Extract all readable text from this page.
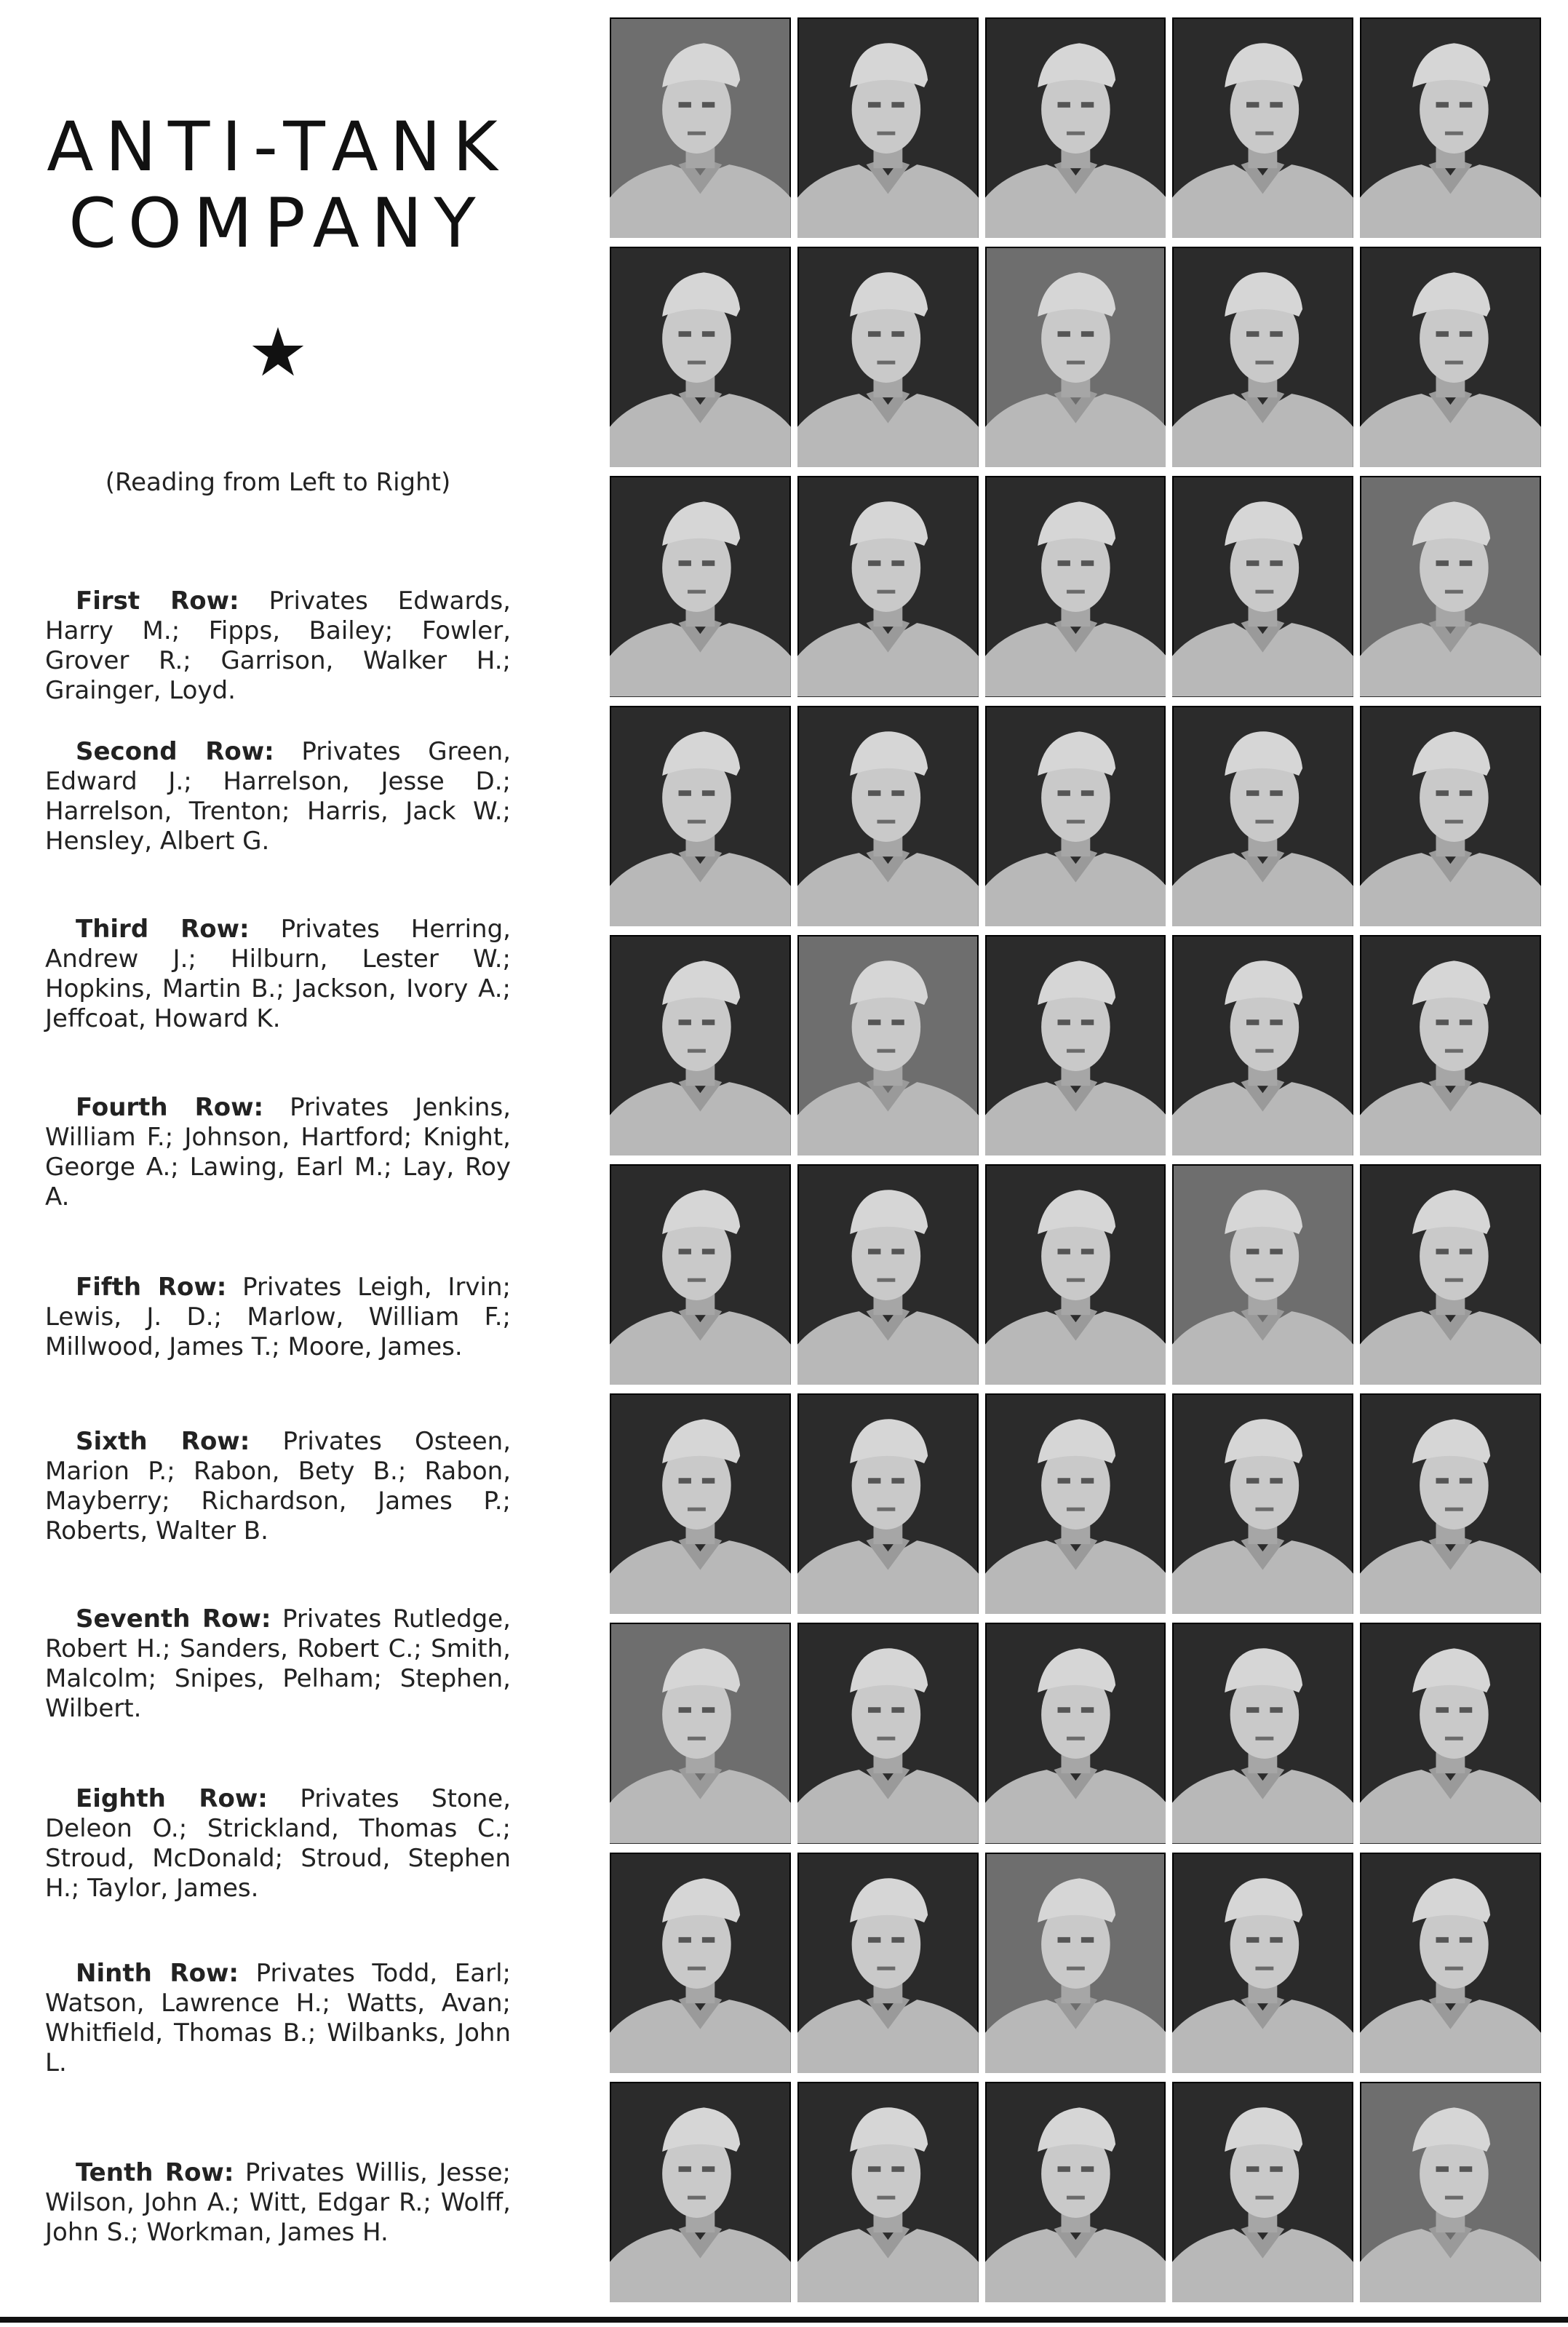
ANTI-TANK
COMPANY
★
(Reading from Left to Right)

First Row: Privates Edwards, Harry M.; Fipps, Bailey; Fowler, Grover R.; Garrison, Walker H.; Grainger, Loyd.

Second Row: Privates Green, Edward J.; Harrelson, Jesse D.; Harrelson, Trenton; Harris, Jack W.; Hensley, Albert G.

Third Row: Privates Herring, Andrew J.; Hilburn, Lester W.; Hopkins, Martin B.; Jackson, Ivory A.; Jeffcoat, Howard K.

Fourth Row: Privates Jenkins, William F.; Johnson, Hartford; Knight, George A.; Lawing, Earl M.; Lay, Roy A.

Fifth Row: Privates Leigh, Irvin; Lewis, J. D.; Marlow, William F.; Millwood, James T.; Moore, James.

Sixth Row: Privates Osteen, Marion P.; Rabon, Bety B.; Rabon, Mayberry; Richardson, James P.; Roberts, Walter B.

Seventh Row: Privates Rutledge, Robert H.; Sanders, Robert C.; Smith, Malcolm; Snipes, Pelham; Stephen, Wilbert.

Eighth Row: Privates Stone, Deleon O.; Strickland, Thomas C.; Stroud, McDonald; Stroud, Stephen H.; Taylor, James.

Ninth Row: Privates Todd, Earl; Watson, Lawrence H.; Watts, Avan; Whitfield, Thomas B.; Wilbanks, John L.

Tenth Row: Privates Willis, Jesse; Wilson, John A.; Witt, Edgar R.; Wolff, John S.; Workman, James H.
